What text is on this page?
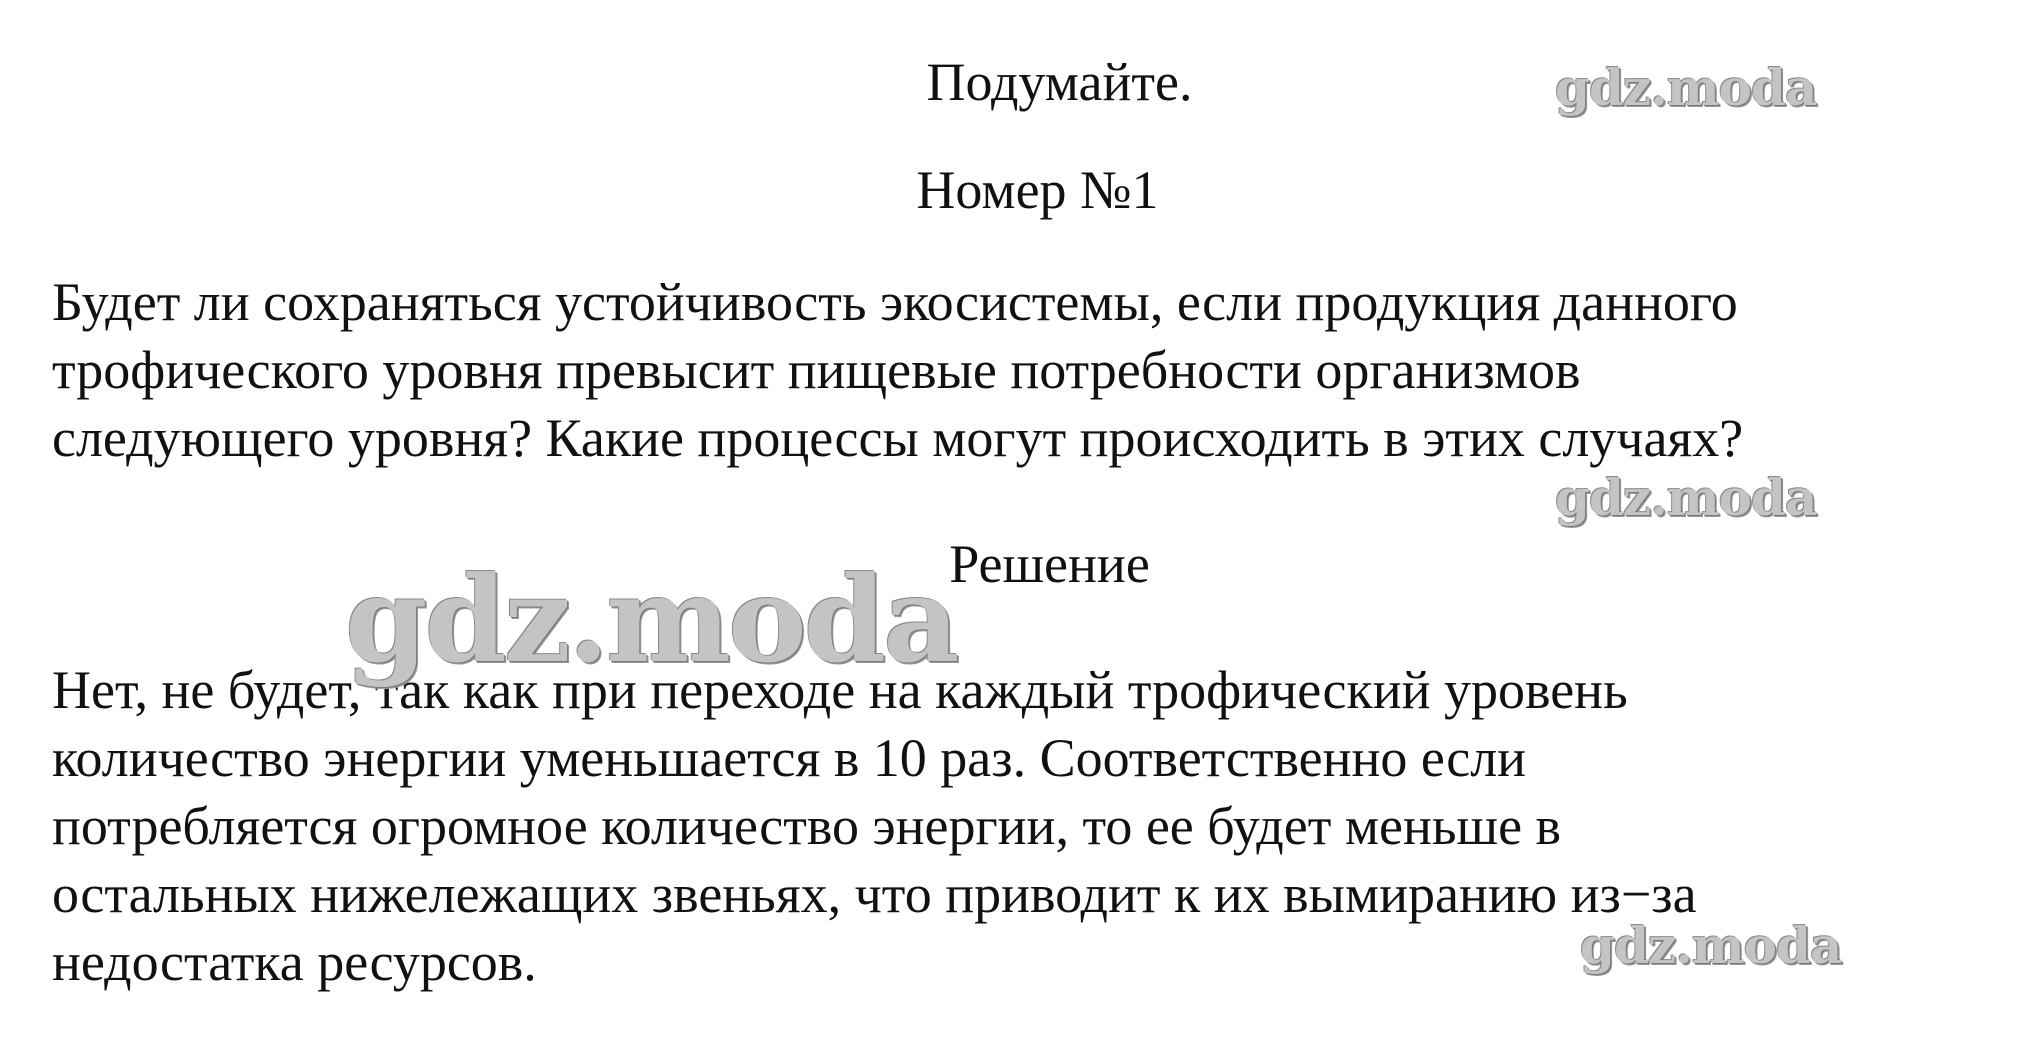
Подумайте.
Номер №1
Будет ли сохраняться устойчивость экосистемы, если продукция данного
трофического уровня превысит пищевые потребности организмов
следующего уровня? Какие процессы могут происходить в этих случаях?
Решение
Нет, не будет, так как при переходе на каждый трофический уровень
количество энергии уменьшается в 10 раз. Соответственно если
потребляется огромное количество энергии, то ее будет меньше в
остальных нижележащих звеньях, что приводит к их вымиранию из−за
недостатка ресурсов.
gdz.moda
gdz.moda
gdz.moda
gdz.moda
